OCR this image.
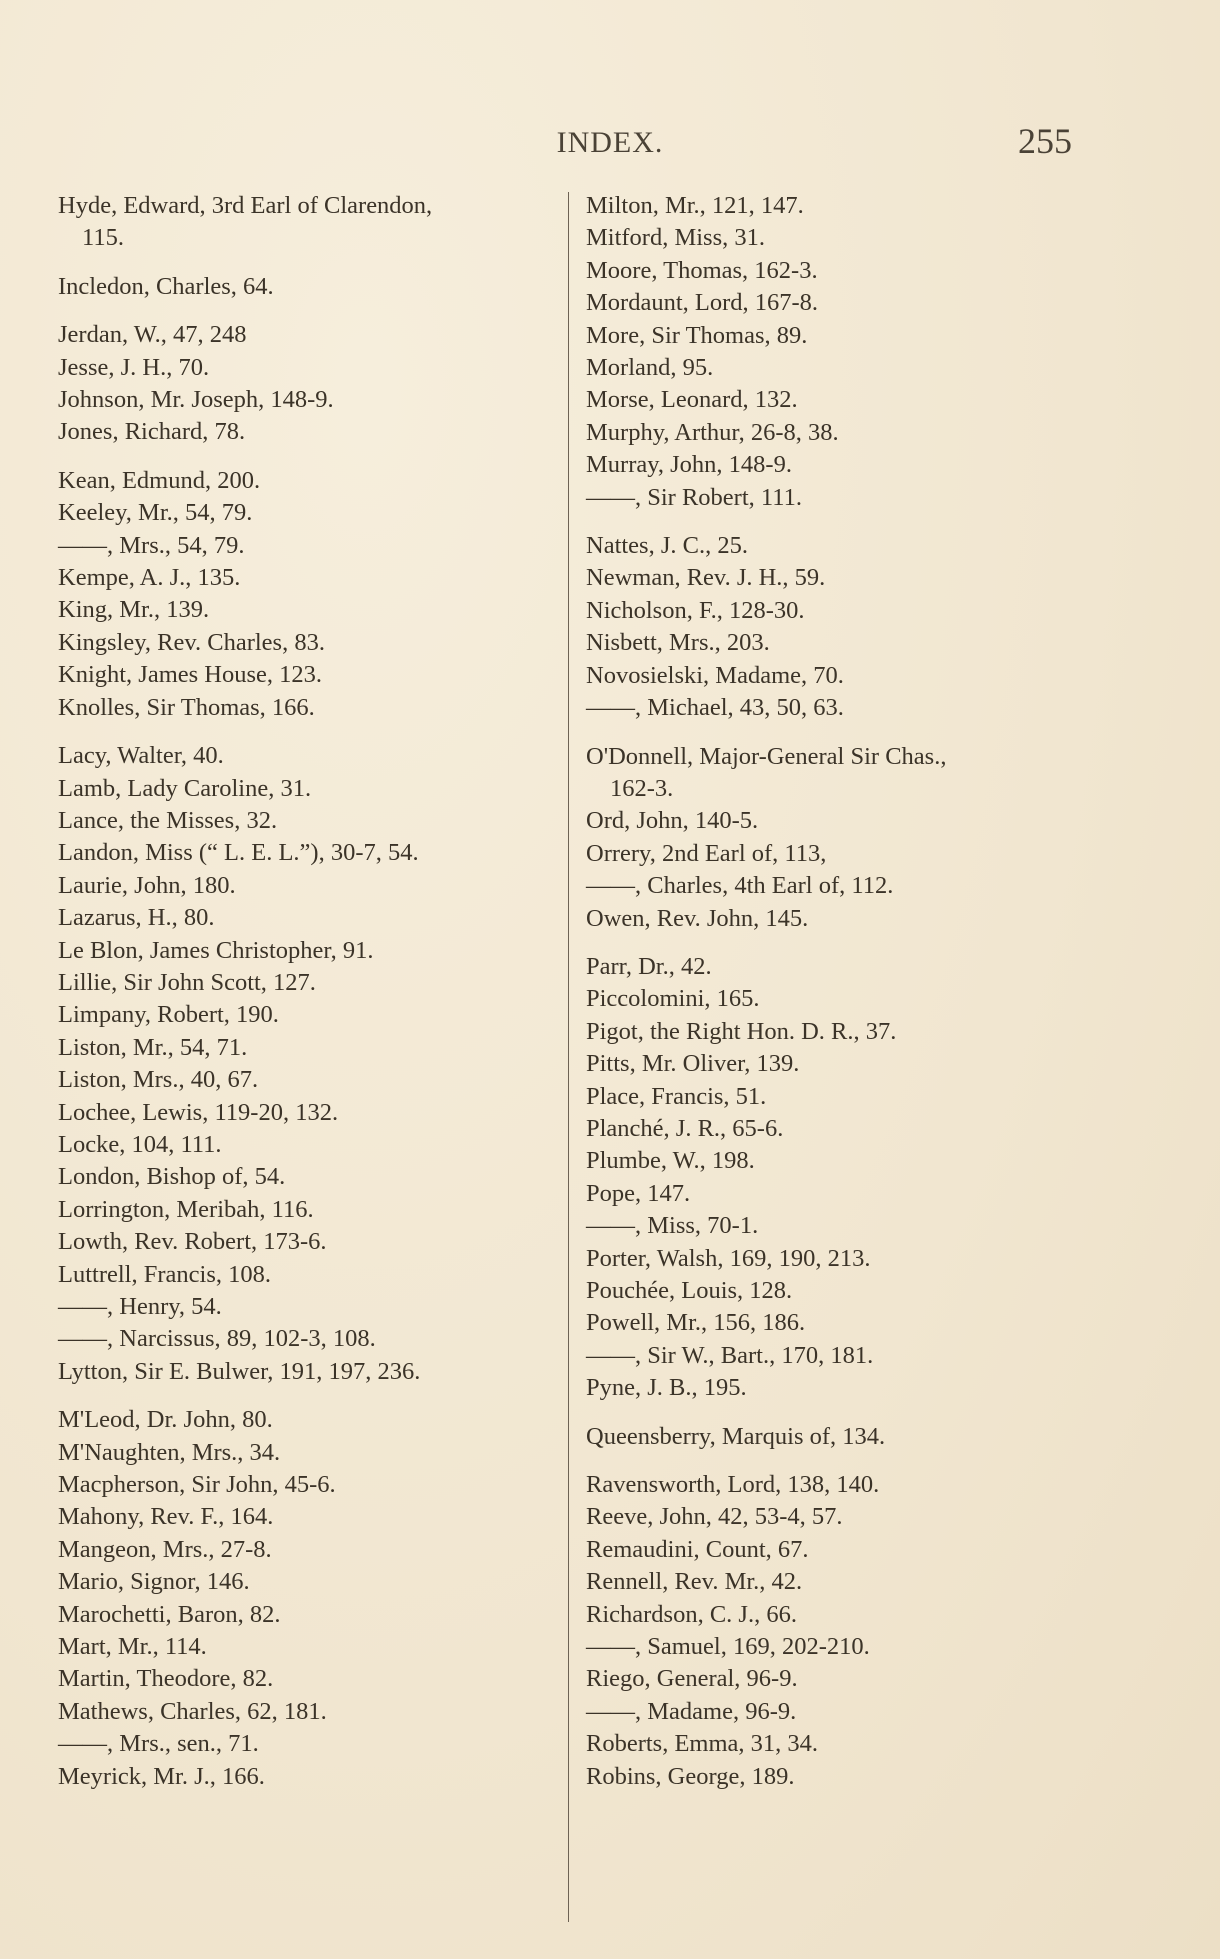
INDEX.	255
Hyde, Edward, 3rd Earl of Clarendon,
115.
Incledon, Charles, 64.
Jerdan, W., 47, 248
Jesse, J. H., 70.
Johnson, Mr. Joseph, 148-9.
Jones, Richard, 78.
Kean, Edmund, 200.
Keeley, Mr., 54, 79.
——, Mrs., 54, 79.
Kempe, A. J., 135.
King, Mr., 139.
Kingsley, Rev. Charles, 83.
Knight, James House, 123.
Knolles, Sir Thomas, 166.
Lacy, Walter, 40.
Lamb, Lady Caroline, 31.
Lance, the Misses, 32.
Landon, Miss (“ L. E. L.”), 30-7, 54.
Laurie, John, 180.
Lazarus, H., 80.
Le Blon, James Christopher, 91.
Lillie, Sir John Scott, 127.
Limpany, Robert, 190.
Liston, Mr., 54, 71.
Liston, Mrs., 40, 67.
Lochee, Lewis, 119-20, 132.
Locke, 104, 111.
London, Bishop of, 54.
Lorrington, Meribah, 116.
Lowth, Rev. Robert, 173-6.
Luttrell, Francis, 108.
——, Henry, 54.
——, Narcissus, 89, 102-3, 108.
Lytton, Sir E. Bulwer, 191, 197, 236.
M'Leod, Dr. John, 80.
M'Naughten, Mrs., 34.
Macpherson, Sir John, 45-6.
Mahony, Rev. F., 164.
Mangeon, Mrs., 27-8.
Mario, Signor, 146.
Marochetti, Baron, 82.
Mart, Mr., 114.
Martin, Theodore, 82.
Mathews, Charles, 62, 181.
——, Mrs., sen., 71.
Meyrick, Mr. J., 166.
Milton, Mr., 121, 147.
Mitford, Miss, 31.
Moore, Thomas, 162-3.
Mordaunt, Lord, 167-8.
More, Sir Thomas, 89.
Morland, 95.
Morse, Leonard, 132.
Murphy, Arthur, 26-8, 38.
Murray, John, 148-9.
——, Sir Robert, 111.
Nattes, J. C., 25.
Newman, Rev. J. H., 59.
Nicholson, F., 128-30.
Nisbett, Mrs., 203.
Novosielski, Madame, 70.
——, Michael, 43, 50, 63.
O'Donnell, Major-General Sir Chas.,
162-3.
Ord, John, 140-5.
Orrery, 2nd Earl of, 113,
——, Charles, 4th Earl of, 112.
Owen, Rev. John, 145.
Parr, Dr., 42.
Piccolomini, 165.
Pigot, the Right Hon. D. R., 37.
Pitts, Mr. Oliver, 139.
Place, Francis, 51.
Planché, J. R., 65-6.
Plumbe, W., 198.
Pope, 147.
——, Miss, 70-1.
Porter, Walsh, 169, 190, 213.
Pouchée, Louis, 128.
Powell, Mr., 156, 186.
——, Sir W., Bart., 170, 181.
Pyne, J. B., 195.
Queensberry, Marquis of, 134.
Ravensworth, Lord, 138, 140.
Reeve, John, 42, 53-4, 57.
Remaudini, Count, 67.
Rennell, Rev. Mr., 42.
Richardson, C. J., 66.
——, Samuel, 169, 202-210.
Riego, General, 96-9.
——, Madame, 96-9.
Roberts, Emma, 31, 34.
Robins, George, 189.
